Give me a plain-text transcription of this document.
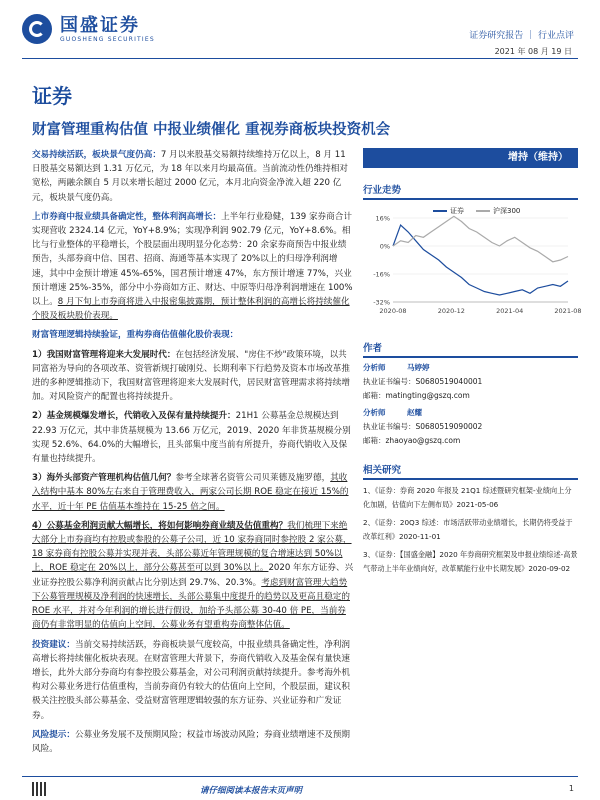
国盛证券
GUOSHENG SECURITIES	证券研究报告 ｜ 行业点评
2021 年 08 月 19 日
证券
财富管理重构估值 中报业绩催化 重视券商板块投资机会

交易持续活跃，板块景气度仍高：7 月以来股基交易额持续维持万亿以上，8 月 11 日股基交易额达到 1.31 万亿元，为 18 年以来月均最高值。当前流动性仍维持相对宽松，两融余额自 5 月以来增长超过 2000 亿元，本月北向资金净流入超 220 亿元，板块景气度仍高。

上市券商中报业绩具备确定性，整体利润高增长：上半年行业稳健，139 家券商合计实现营收 2324.14 亿元，YoY+8.9%；实现净利润 902.79 亿元，YoY+8.6%。相比与行业整体的平稳增长，个股层面出现明显分化态势：20 余家券商预告中报业绩预告，头部券商中信、国君、招商、海通等基本实现了 20%以上的归母净利润增速，其中中金预计增速 45%-65%，国君预计增速 47%，东方预计增速 77%，兴业预计增速 25%-35%，部分中小券商如方正、财达、中原等归母净利润增速在 100%以上。8 月下旬上市券商将进入中报密集披露期，预计整体利润的高增长将持续催化个股及板块股价表现。

财富管理逻辑持续验证，重构券商估值催化股价表现：

1）我国财富管理将迎来大发展时代：在包括经济发展、"房住不炒"政策环境，以共同富裕为导向的各项改革、资管新规打破刚兑、长期利率下行趋势及资本市场改革推进的多种逻辑推动下，我国财富管理将迎来大发展时代，居民财富管理需求将持续增加。对风险资产的配置也将持续提升。

2）基金规模爆发增长，代销收入及保有量持续提升：21H1 公募基金总规模达到 22.93 万亿元，其中非货基规模为 13.66 万亿元，2019、2020 年非货基规模分别实现 52.6%、64.0%的大幅增长，且头部集中度当前有所提升，券商代销收入及保有量也持续提升。

3）海外头部资产管理机构估值几何？参考全球著名资管公司贝莱德及施罗德，其收入结构中基本 80%左右来自于管理费收入，两家公司长期 ROE 稳定在接近 15%的水平，近十年 PE 估值基本维持在 15-25 倍之间。

4）公募基金利润贡献大幅增长，将如何影响券商业绩及估值重构？我们梳理下来绝大部分上市券商均有控股或参股的公募子公司，近 10 家券商同时参控股 2 家公募，18 家券商有控股公募并实现并表，头部公募近年管理规模的复合增速达到 50%以上，ROE 稳定在 20%以上，部分公募甚至可以到 30%以上。2020 年东方证券、兴业证券控股公募净利润贡献占比分别达到 29.7%、20.3%。考虑到财富管理大趋势下公募管理规模及净利润的快速增长，头部公募集中度提升的趋势以及更高且稳定的 ROE 水平，并对今年利润的增长进行假设，加给予头部公募 30-40 倍 PE，当前券商仍有非常明显的估值向上空间，公募业务有望重构券商整体估值。

投资建议：当前交易持续活跃，券商板块景气度较高，中报业绩具备确定性，净利润高增长将持续催化板块表现。在财富管理大背景下，券商代销收入及基金保有量快速增长，此外大部分券商均有参控股公募基金，对公司利润贡献持续提升。参考海外机构对公募业务进行估值重构，当前券商仍有较大的估值向上空间，个股层面，建议积极关注控股头部公募基金、受益财富管理逻辑较强的东方证券、兴业证券和广发证券。

风险提示：公募业务发展不及预期风险；权益市场波动风险；券商业绩增速不及预期风险。

增持（维持）
行业走势
证券	沪深300
16%
0%
-16%
-32%
2020-08	2020-12	2021-04	2021-08
作者
分析师	马婷婷
执业证书编号：S0680519040001
邮箱：matingting@gszq.com
分析师	赵耀
执业证书编号：S0680519090002
邮箱：zhaoyao@gszq.com
相关研究

1、《证券：券商 2020 年报及 21Q1 综述暨研究框架-业绩向上分化加剧，估值向下左侧布局》2021-05-06

2、《证券：20Q3 综述：市场活跃带动业绩增长，长期仍将受益于改革红利》2020-11-01

3、《证券：【国盛金融】2020 年券商研究框架及申报业绩综述-高景气带动上半年业绩向好，改革赋能行业中长期发展》2020-09-02

请仔细阅读本报告末页声明	1
